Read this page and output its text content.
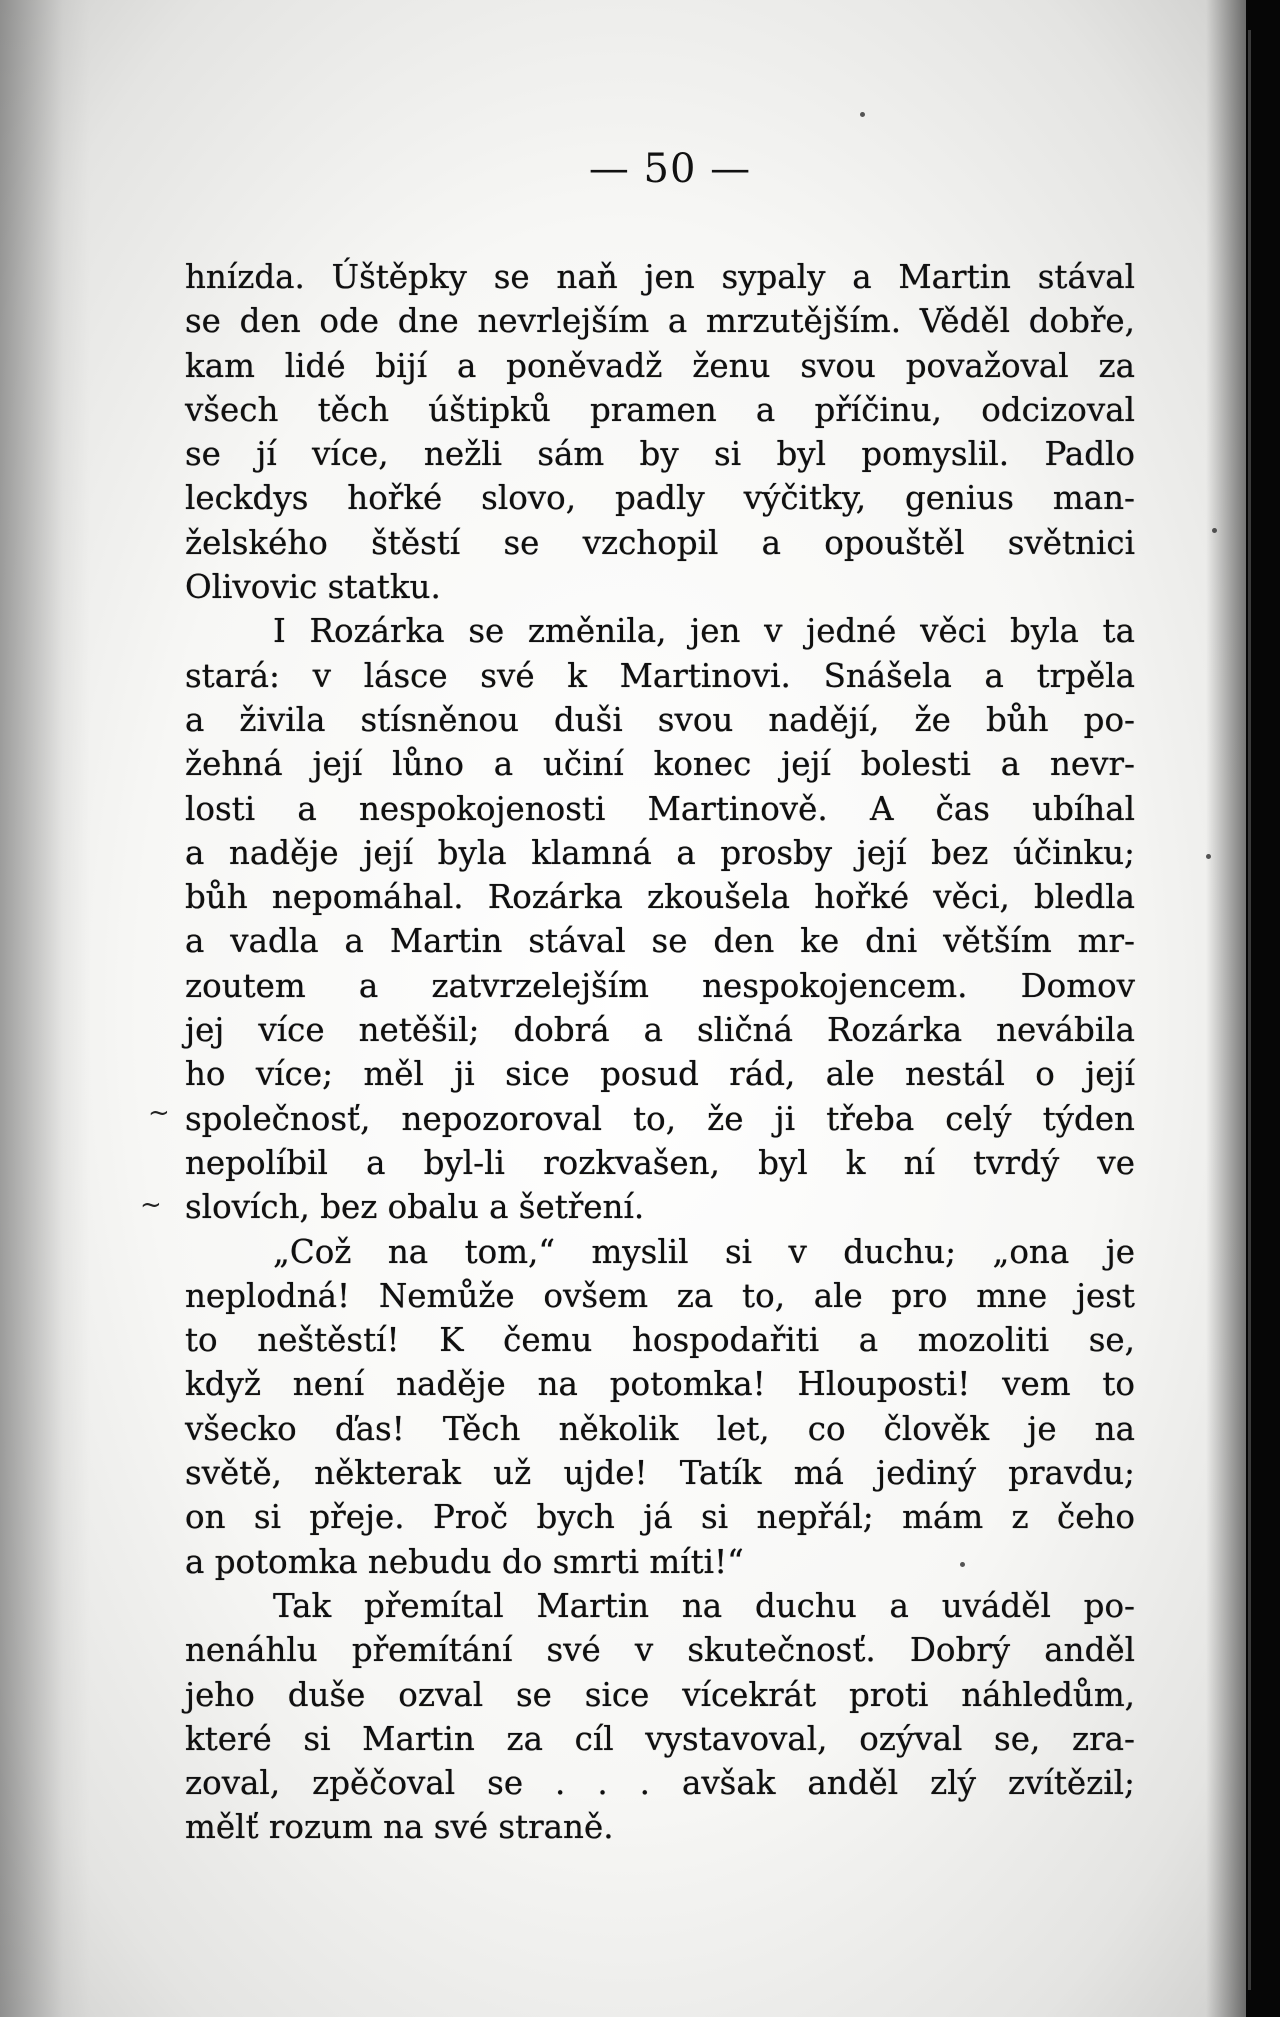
— 50 —
hnízda. Úštěpky se naň jen sypaly a Martin stával
se den ode dne nevrlejším a mrzutějším. Věděl dobře,
kam lidé bijí a poněvadž ženu svou považoval za
všech těch úštipků pramen a příčinu, odcizoval
se jí více, nežli sám by si byl pomyslil. Padlo
leckdys hořké slovo, padly výčitky, genius man-
želského štěstí se vzchopil a opouštěl světnici
Olivovic statku.
I Rozárka se změnila, jen v jedné věci byla ta
stará: v lásce své k Martinovi. Snášela a trpěla
a živila stísněnou duši svou nadějí, že bůh po-
žehná její lůno a učiní konec její bolesti a nevr-
losti a nespokojenosti Martinově. A čas ubíhal
a naděje její byla klamná a prosby její bez účinku;
bůh nepomáhal. Rozárka zkoušela hořké věci, bledla
a vadla a Martin stával se den ke dni větším mr-
zoutem a zatvrzelejším nespokojencem. Domov
jej více netěšil; dobrá a sličná Rozárka nevábila
ho více; měl ji sice posud rád, ale nestál o její
společnosť, nepozoroval to, že ji třeba celý týden
nepolíbil a byl-li rozkvašen, byl k ní tvrdý ve
slovích, bez obalu a šetření.
„Což na tom,“ myslil si v duchu; „ona je
neplodná! Nemůže ovšem za to, ale pro mne jest
to neštěstí! K čemu hospodařiti a mozoliti se,
když není naděje na potomka! Hlouposti! vem to
všecko ďas! Těch několik let, co člověk je na
světě, některak už ujde! Tatík má jediný pravdu;
on si přeje. Proč bych já si nepřál; mám z čeho
a potomka nebudu do smrti míti!“
Tak přemítal Martin na duchu a uváděl po-
nenáhlu přemítání své v skutečnosť. Dobrý anděl
jeho duše ozval se sice vícekrát proti náhledům,
které si Martin za cíl vystavoval, ozýval se, zra-
zoval, zpěčoval se . . . avšak anděl zlý zvítězil;
mělť rozum na své straně.
~
~
